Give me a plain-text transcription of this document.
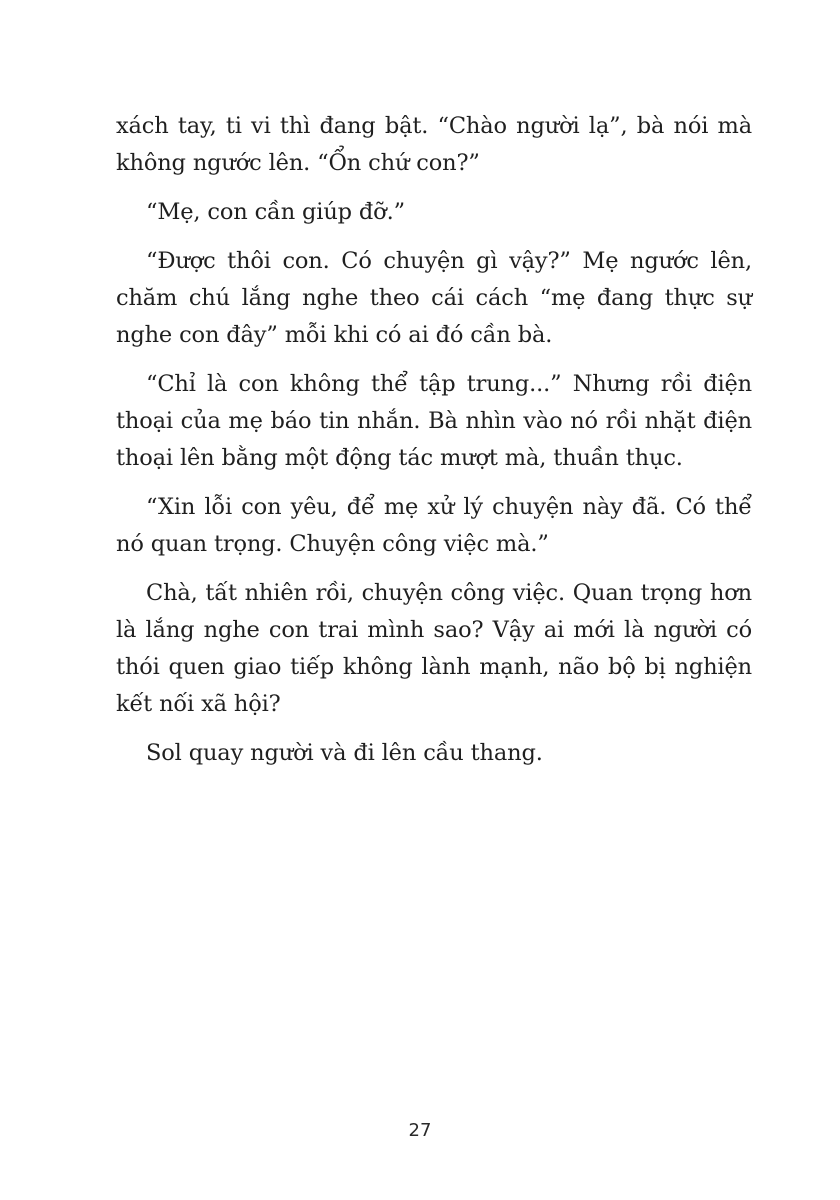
xách tay, ti vi thì đang bật. “Chào người lạ”, bà nói mà không ngước lên. “Ổn chứ con?”

“Mẹ, con cần giúp đỡ.”

“Được thôi con. Có chuyện gì vậy?” Mẹ ngước lên, chăm chú lắng nghe theo cái cách “mẹ đang thực sự nghe con đây” mỗi khi có ai đó cần bà.

“Chỉ là con không thể tập trung...” Nhưng rồi điện thoại của mẹ báo tin nhắn. Bà nhìn vào nó rồi nhặt điện thoại lên bằng một động tác mượt mà, thuần thục.

“Xin lỗi con yêu, để mẹ xử lý chuyện này đã. Có thể nó quan trọng. Chuyện công việc mà.”

Chà, tất nhiên rồi, chuyện công việc. Quan trọng hơn là lắng nghe con trai mình sao? Vậy ai mới là người có thói quen giao tiếp không lành mạnh, não bộ bị nghiện kết nối xã hội?

Sol quay người và đi lên cầu thang.

27
